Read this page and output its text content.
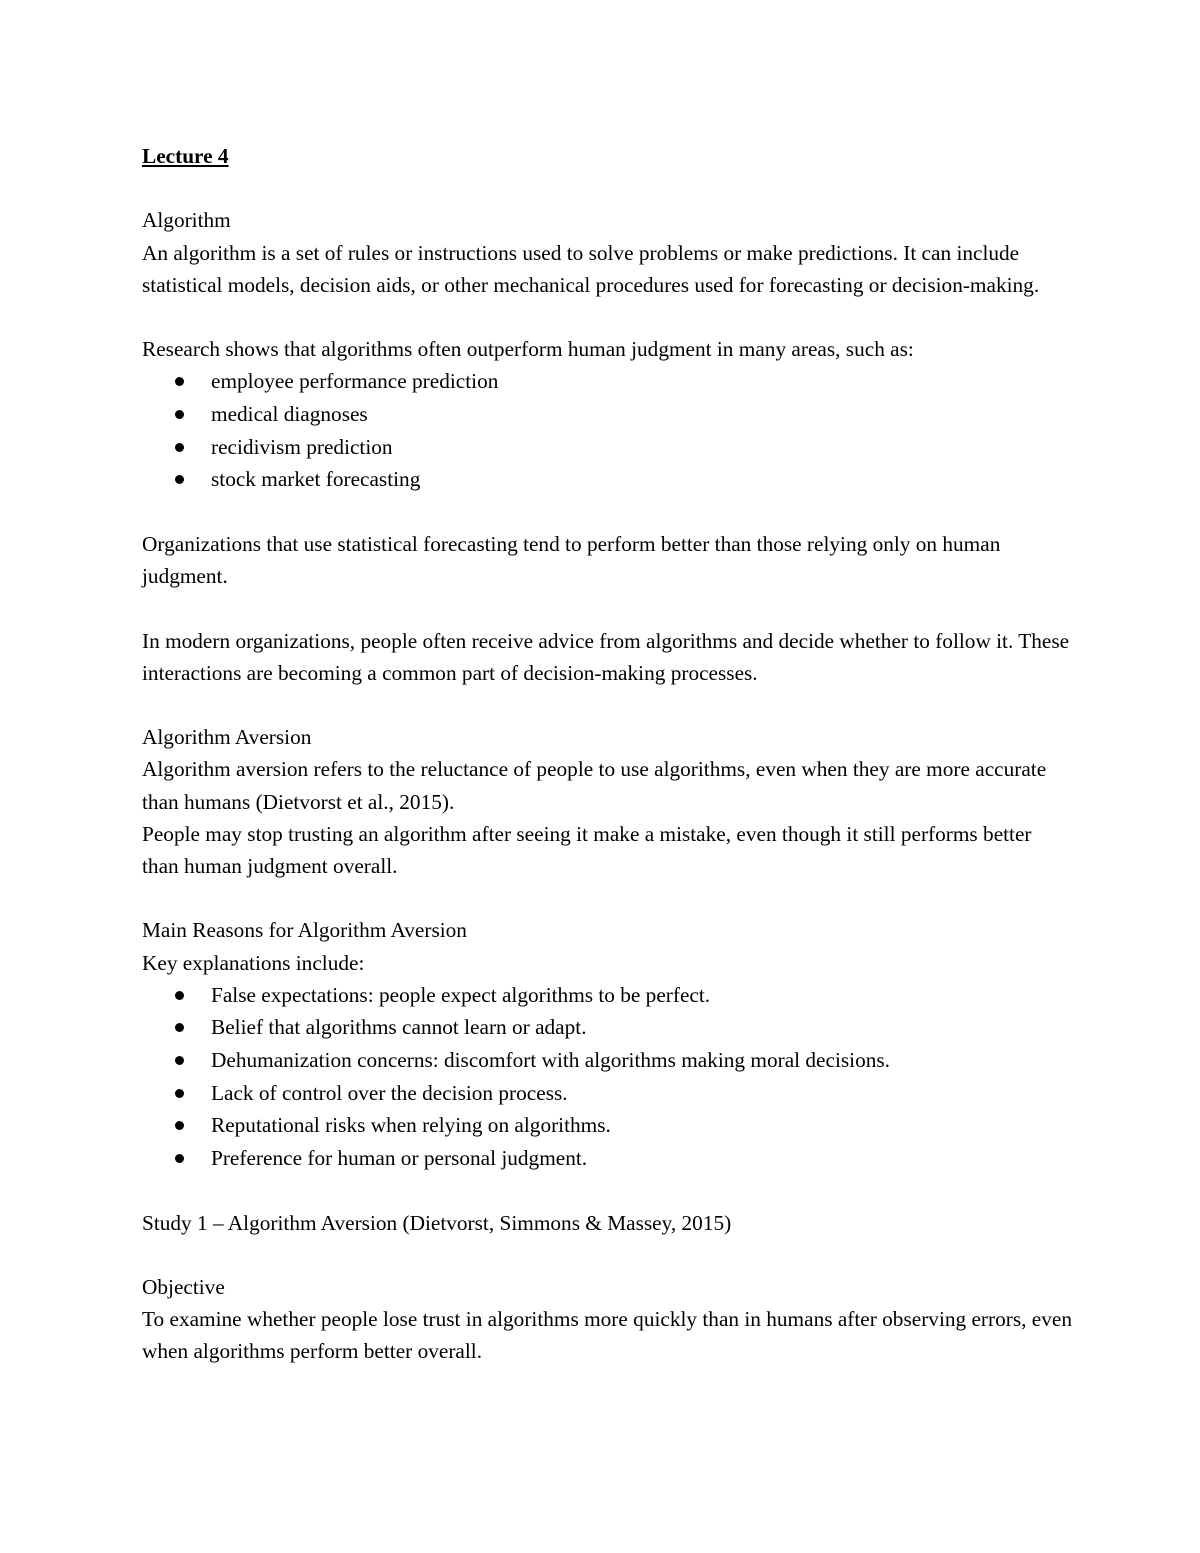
Lecture 4

Algorithm

An algorithm is a set of rules or instructions used to solve problems or make predictions. It can include statistical models, decision aids, or other mechanical procedures used for forecasting or decision-making.

Research shows that algorithms often outperform human judgment in many areas, such as:

employee performance prediction
medical diagnoses
recidivism prediction
stock market forecasting

Organizations that use statistical forecasting tend to perform better than those relying only on human judgment.

In modern organizations, people often receive advice from algorithms and decide whether to follow it. These interactions are becoming a common part of decision-making processes.

Algorithm Aversion

Algorithm aversion refers to the reluctance of people to use algorithms, even when they are more accurate than humans (Dietvorst et al., 2015).

People may stop trusting an algorithm after seeing it make a mistake, even though it still performs better than human judgment overall.

Main Reasons for Algorithm Aversion

Key explanations include:

False expectations: people expect algorithms to be perfect.
Belief that algorithms cannot learn or adapt.
Dehumanization concerns: discomfort with algorithms making moral decisions.
Lack of control over the decision process.
Reputational risks when relying on algorithms.
Preference for human or personal judgment.

Study 1 – Algorithm Aversion (Dietvorst, Simmons & Massey, 2015)

Objective

To examine whether people lose trust in algorithms more quickly than in humans after observing errors, even when algorithms perform better overall.
